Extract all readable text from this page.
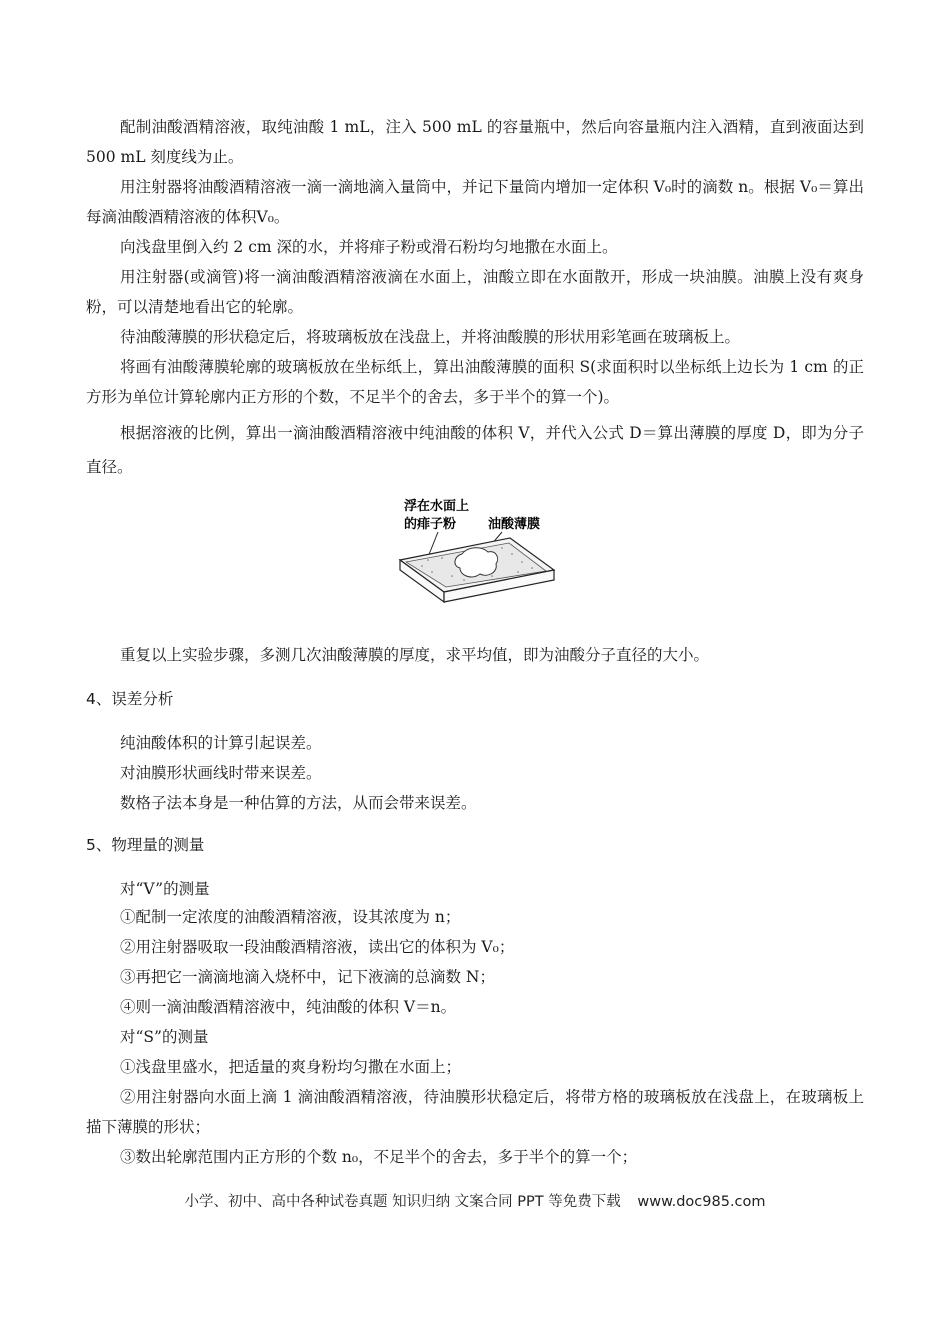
配制油酸酒精溶液，取纯油酸 1 mL，注入 500 mL 的容量瓶中，然后向容量瓶内注入酒精，直到液面达到 500 mL 刻度线为止。

用注射器将油酸酒精溶液一滴一滴地滴入量筒中，并记下量筒内增加一定体积 V₀时的滴数 n。根据 V₀＝算出每滴油酸酒精溶液的体积V₀。

向浅盘里倒入约 2 cm 深的水，并将痱子粉或滑石粉均匀地撒在水面上。

用注射器(或滴管)将一滴油酸酒精溶液滴在水面上，油酸立即在水面散开，形成一块油膜。油膜上没有爽身粉，可以清楚地看出它的轮廓。

待油酸薄膜的形状稳定后，将玻璃板放在浅盘上，并将油酸膜的形状用彩笔画在玻璃板上。

将画有油酸薄膜轮廓的玻璃板放在坐标纸上，算出油酸薄膜的面积 S(求面积时以坐标纸上边长为 1 cm 的正方形为单位计算轮廓内正方形的个数，不足半个的舍去，多于半个的算一个)。

根据溶液的比例，算出一滴油酸酒精溶液中纯油酸的体积 V，并代入公式 D＝算出薄膜的厚度 D，即为分子直径。

浮在水面上
的痱子粉 油酸薄膜

重复以上实验步骤，多测几次油酸薄膜的厚度，求平均值，即为油酸分子直径的大小。

4、误差分析

纯油酸体积的计算引起误差。

对油膜形状画线时带来误差。

数格子法本身是一种估算的方法，从而会带来误差。

5、物理量的测量

对“V”的测量

①配制一定浓度的油酸酒精溶液，设其浓度为 n；

②用注射器吸取一段油酸酒精溶液，读出它的体积为 V₀；

③再把它一滴滴地滴入烧杯中，记下液滴的总滴数 N；

④则一滴油酸酒精溶液中，纯油酸的体积 V＝n。

对“S”的测量

①浅盘里盛水，把适量的爽身粉均匀撒在水面上；

②用注射器向水面上滴 1 滴油酸酒精溶液，待油膜形状稳定后，将带方格的玻璃板放在浅盘上，在玻璃板上描下薄膜的形状；

③数出轮廓范围内正方形的个数 n₀，不足半个的舍去，多于半个的算一个；

小学、初中、高中各种试卷真题 知识归纳 文案合同 PPT 等免费下载 www.doc985.com
